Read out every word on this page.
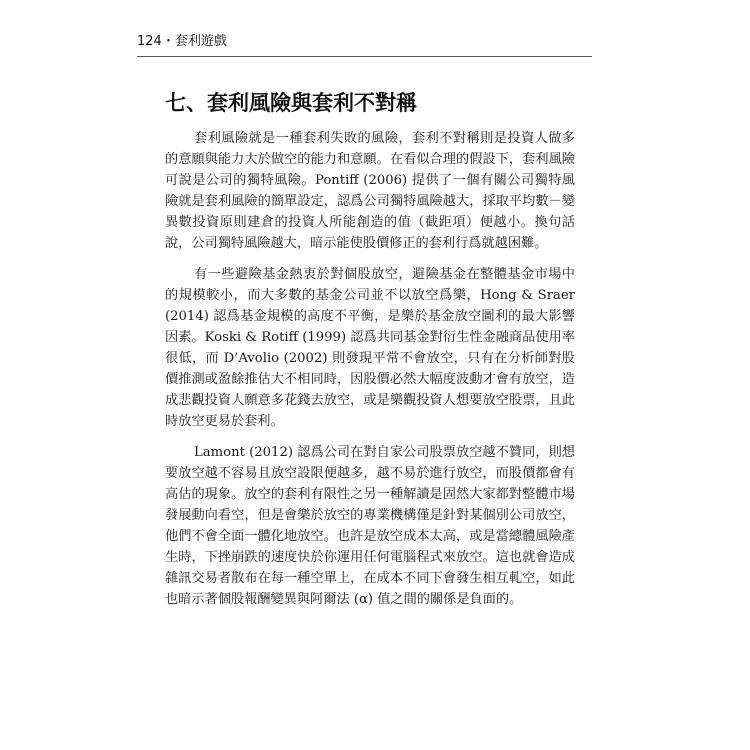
124・套利遊戲
七、套利風險與套利不對稱

套利風險就是一種套利失敗的風險，套利不對稱則是投資人做多的意願與能力大於做空的能力和意願。在看似合理的假設下，套利風險可說是公司的獨特風險。Pontiff (2006) 提供了一個有關公司獨特風險就是套利風險的簡單設定，認爲公司獨特風險越大，採取平均數－變異數投資原則建倉的投資人所能創造的值（截距項）便越小。換句話說，公司獨特風險越大，暗示能使股價修正的套利行爲就越困難。

有一些避險基金熱衷於對個股放空，避險基金在整體基金市場中的規模較小，而大多數的基金公司並不以放空爲樂，Hong & Sraer (2014) 認爲基金規模的高度不平衡，是樂於基金放空圖利的最大影響因素。Koski & Rotiff (1999) 認爲共同基金對衍生性金融商品使用率很低，而 D’Avolio (2002) 則發現平常不會放空，只有在分析師對股價推測或盈餘推估大不相同時，因股價必然大幅度波動才會有放空，造成悲觀投資人願意多花錢去放空，或是樂觀投資人想要放空股票，且此時放空更易於套利。

Lamont (2012) 認爲公司在對自家公司股票放空越不贊同，則想要放空越不容易且放空設限便越多，越不易於進行放空，而股價都會有高估的現象。放空的套利有限性之另一種解讀是固然大家都對整體市場發展動向看空，但是會樂於放空的專業機構僅是針對某個別公司放空，他們不會全面一體化地放空。也許是放空成本太高，或是當總體風險產生時，下挫崩跌的速度快於你運用任何電腦程式來放空。這也就會造成雜訊交易者散布在每一種空單上，在成本不同下會發生相互軋空，如此也暗示著個股報酬變異與阿爾法 (α) 值之間的關係是負面的。
